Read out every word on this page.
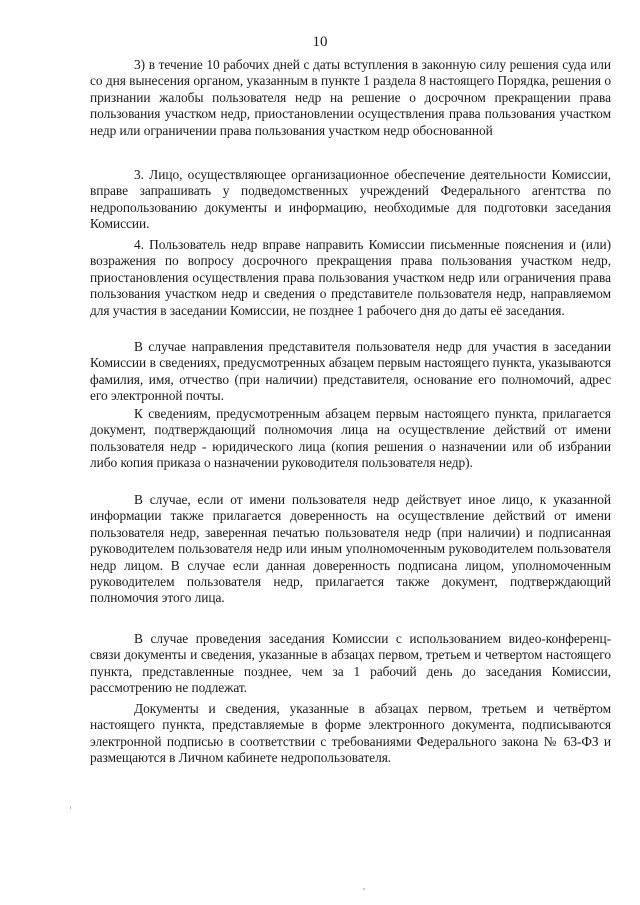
10

3) в течение 10 рабочих дней с даты вступления в законную силу решения суда или со дня вынесения органом, указанным в пункте 1 раздела 8 настоящего Порядка, решения о признании жалобы пользователя недр на решение о досрочном прекращении права пользования участком недр, приостановлении осуществления права пользования участком недр или ограничении права пользования участком недр обоснованной

3. Лицо, осуществляющее организационное обеспечение деятельности Комиссии, вправе запрашивать у подведомственных учреждений Федерального агентства по недропользованию документы и информацию, необходимые для подготовки заседания Комиссии.

4. Пользователь недр вправе направить Комиссии письменные пояснения и (или) возражения по вопросу досрочного прекращения права пользования участком недр, приостановления осуществления права пользования участком недр или ограничения права пользования участком недр и сведения о представителе пользователя недр, направляемом для участия в заседании Комиссии, не позднее 1 рабочего дня до даты её заседания.

В случае направления представителя пользователя недр для участия в заседании Комиссии в сведениях, предусмотренных абзацем первым настоящего пункта, указываются фамилия, имя, отчество (при наличии) представителя, основание его полномочий, адрес его электронной почты.

К сведениям, предусмотренным абзацем первым настоящего пункта, прилагается документ, подтверждающий полномочия лица на осуществление действий от имени пользователя недр - юридического лица (копия решения о назначении или об избрании либо копия приказа о назначении руководителя пользователя недр).

В случае, если от имени пользователя недр действует иное лицо, к указанной информации также прилагается доверенность на осуществление действий от имени пользователя недр, заверенная печатью пользователя недр (при наличии) и подписанная руководителем пользователя недр или иным уполномоченным руководителем пользователя недр лицом. В случае если данная доверенность подписана лицом, уполномоченным руководителем пользователя недр, прилагается также документ, подтверждающий полномочия этого лица.

В случае проведения заседания Комиссии с использованием видео-конференц-связи документы и сведения, указанные в абзацах первом, третьем и четвертом настоящего пункта, представленные позднее, чем за 1 рабочий день до заседания Комиссии, рассмотрению не подлежат.

Документы и сведения, указанные в абзацах первом, третьем и четвёртом настоящего пункта, представляемые в форме электронного документа, подписываются электронной подписью в соответствии с требованиями Федерального закона № 63-ФЗ и размещаются в Личном кабинете недропользователя.
